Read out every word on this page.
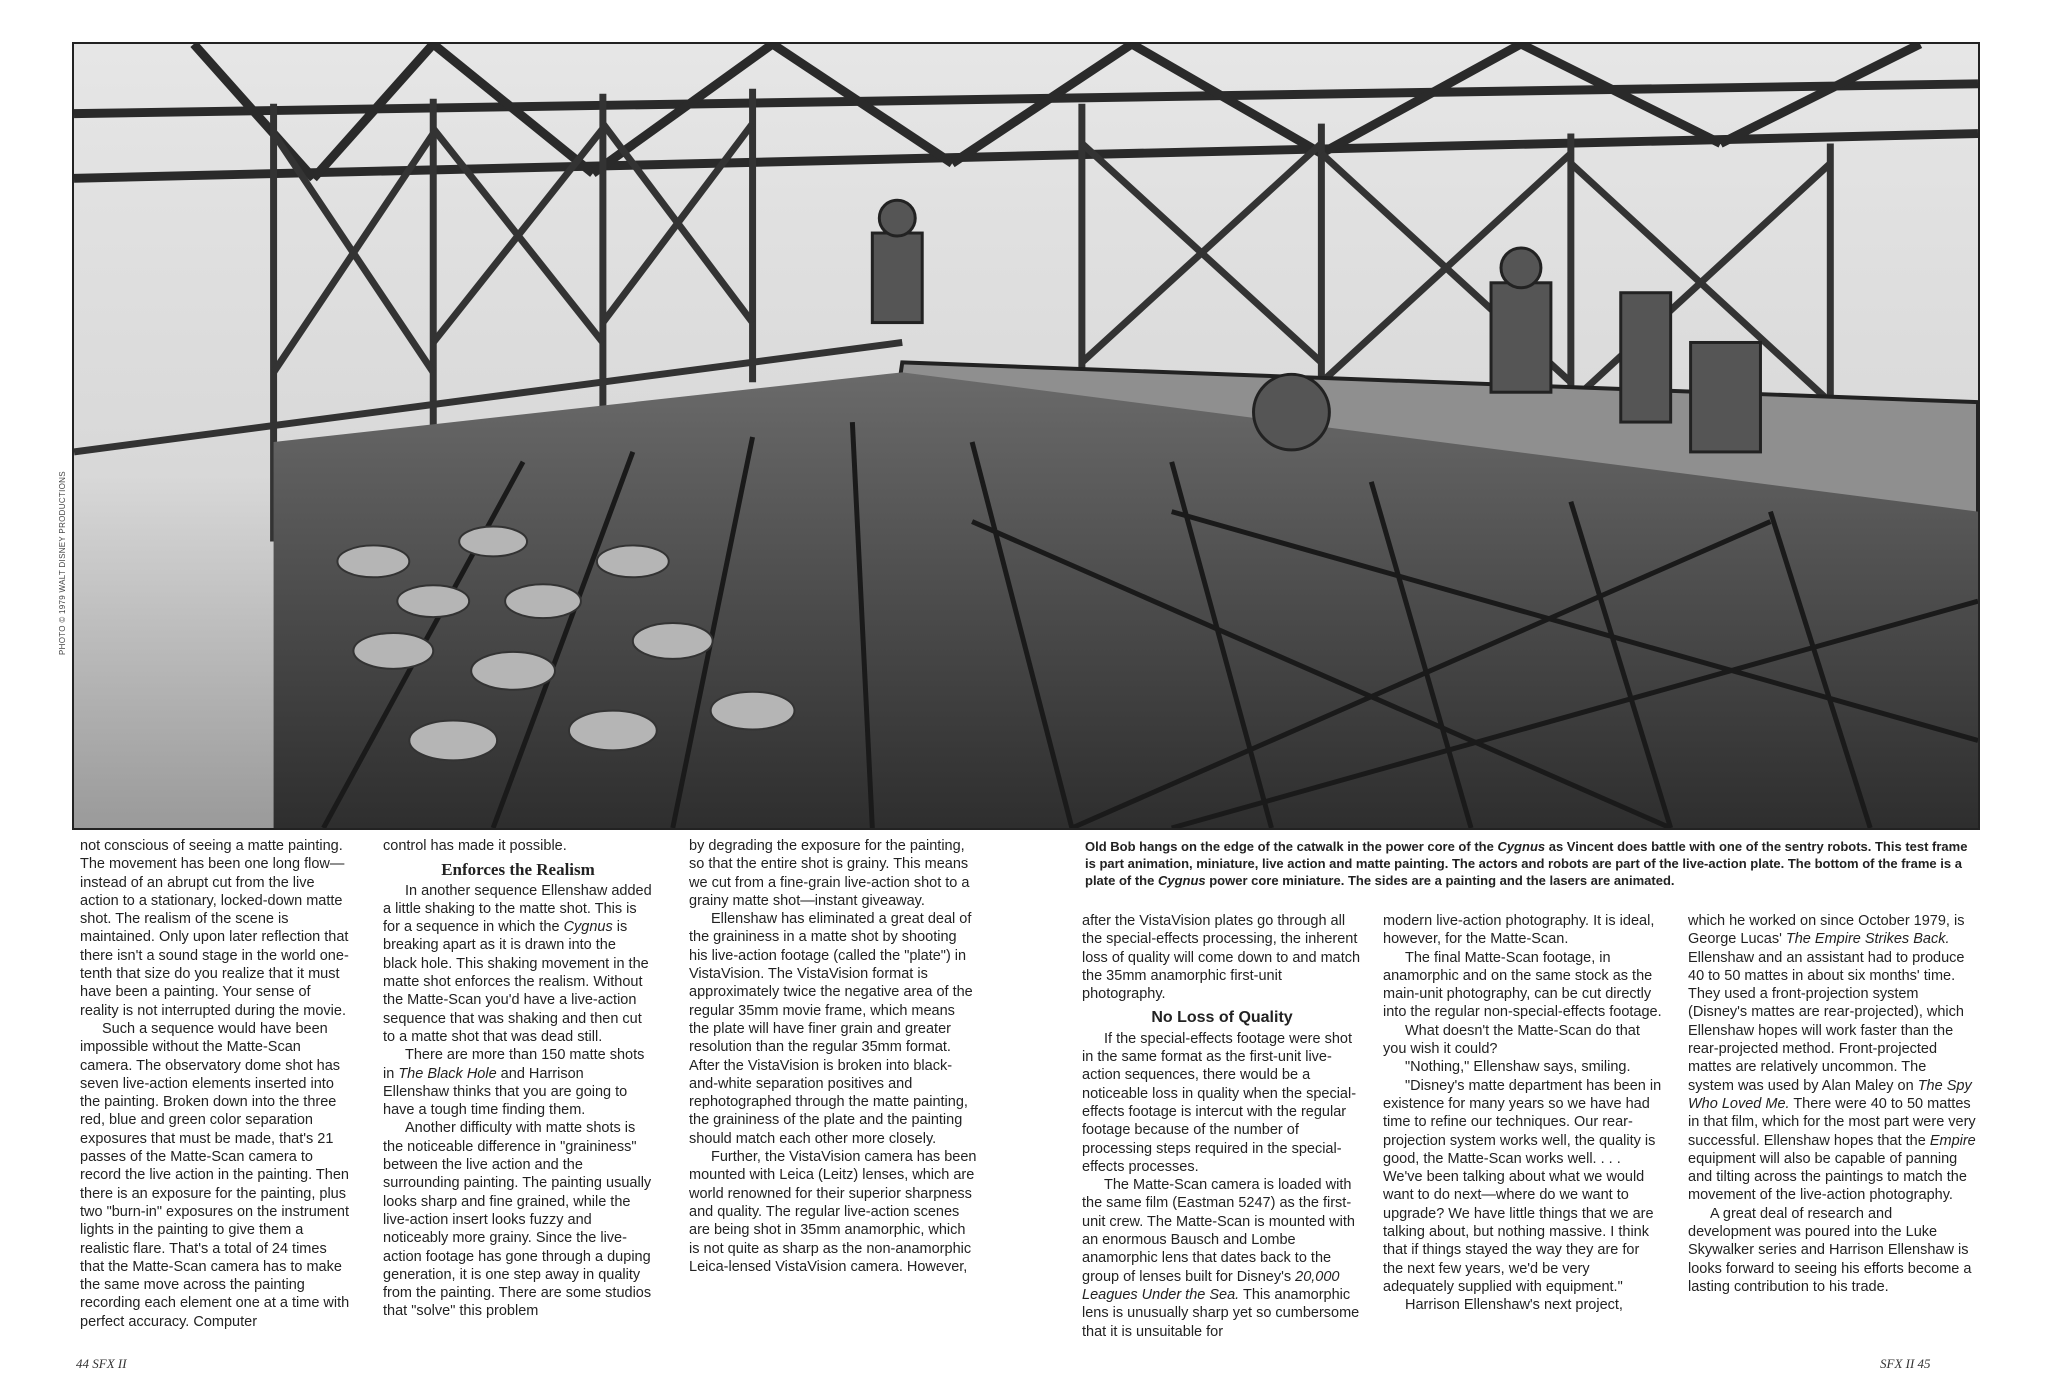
PHOTO © 1979 WALT DISNEY PRODUCTIONS
Old Bob hangs on the edge of the catwalk in the power core of the Cygnus as Vincent does battle with one of the sentry robots. This test frame is part animation, miniature, live action and matte painting. The actors and robots are part of the live-action plate. The bottom of the frame is a plate of the Cygnus power core miniature. The sides are a painting and the lasers are animated.

not conscious of seeing a matte painting. The movement has been one long flow—instead of an abrupt cut from the live action to a stationary, locked-down matte shot. The realism of the scene is maintained. Only upon later reflection that there isn't a sound stage in the world one-tenth that size do you realize that it must have been a painting. Your sense of reality is not interrupted during the movie.

Such a sequence would have been impossible without the Matte-Scan camera. The observatory dome shot has seven live-action elements inserted into the painting. Broken down into the three red, blue and green color separation exposures that must be made, that's 21 passes of the Matte-Scan camera to record the live action in the painting. Then there is an exposure for the painting, plus two "burn-in" exposures on the instrument lights in the painting to give them a realistic flare. That's a total of 24 times that the Matte-Scan camera has to make the same move across the painting recording each element one at a time with perfect accuracy. Computer

control has made it possible.

Enforces the Realism

In another sequence Ellenshaw added a little shaking to the matte shot. This is for a sequence in which the Cygnus is breaking apart as it is drawn into the black hole. This shaking movement in the matte shot enforces the realism. Without the Matte-Scan you'd have a live-action sequence that was shaking and then cut to a matte shot that was dead still.

There are more than 150 matte shots in The Black Hole and Harrison Ellenshaw thinks that you are going to have a tough time finding them.

Another difficulty with matte shots is the noticeable difference in "graininess" between the live action and the surrounding painting. The painting usually looks sharp and fine grained, while the live-action insert looks fuzzy and noticeably more grainy. Since the live-action footage has gone through a duping generation, it is one step away in quality from the painting. There are some studios that "solve" this problem

by degrading the exposure for the painting, so that the entire shot is grainy. This means we cut from a fine-grain live-action shot to a grainy matte shot—instant giveaway.

Ellenshaw has eliminated a great deal of the graininess in a matte shot by shooting his live-action footage (called the "plate") in VistaVision. The VistaVision format is approximately twice the negative area of the regular 35mm movie frame, which means the plate will have finer grain and greater resolution than the regular 35mm format. After the VistaVision is broken into black-and-white separation positives and rephotographed through the matte painting, the graininess of the plate and the painting should match each other more closely.

Further, the VistaVision camera has been mounted with Leica (Leitz) lenses, which are world renowned for their superior sharpness and quality. The regular live-action scenes are being shot in 35mm anamorphic, which is not quite as sharp as the non-anamorphic Leica-lensed VistaVision camera. However,

after the VistaVision plates go through all the special-effects processing, the inherent loss of quality will come down to and match the 35mm anamorphic first-unit photography.

No Loss of Quality

If the special-effects footage were shot in the same format as the first-unit live-action sequences, there would be a noticeable loss in quality when the special-effects footage is intercut with the regular footage because of the number of processing steps required in the special-effects processes.

The Matte-Scan camera is loaded with the same film (Eastman 5247) as the first-unit crew. The Matte-Scan is mounted with an enormous Bausch and Lombe anamorphic lens that dates back to the group of lenses built for Disney's 20,000 Leagues Under the Sea. This anamorphic lens is unusually sharp yet so cumbersome that it is unsuitable for

modern live-action photography. It is ideal, however, for the Matte-Scan.

The final Matte-Scan footage, in anamorphic and on the same stock as the main-unit photography, can be cut directly into the regular non-special-effects footage.

What doesn't the Matte-Scan do that you wish it could?

"Nothing," Ellenshaw says, smiling.

"Disney's matte department has been in existence for many years so we have had time to refine our techniques. Our rear-projection system works well, the quality is good, the Matte-Scan works well. . . . We've been talking about what we would want to do next—where do we want to upgrade? We have little things that we are talking about, but nothing massive. I think that if things stayed the way they are for the next few years, we'd be very adequately supplied with equipment."

Harrison Ellenshaw's next project,

which he worked on since October 1979, is George Lucas' The Empire Strikes Back. Ellenshaw and an assistant had to produce 40 to 50 mattes in about six months' time. They used a front-projection system (Disney's mattes are rear-projected), which Ellenshaw hopes will work faster than the rear-projected method. Front-projected mattes are relatively uncommon. The system was used by Alan Maley on The Spy Who Loved Me. There were 40 to 50 mattes in that film, which for the most part were very successful. Ellenshaw hopes that the Empire equipment will also be capable of panning and tilting across the paintings to match the movement of the live-action photography.

A great deal of research and development was poured into the Luke Skywalker series and Harrison Ellenshaw is looks forward to seeing his efforts become a lasting contribution to his trade.

44 SFX II	SFX II 45
